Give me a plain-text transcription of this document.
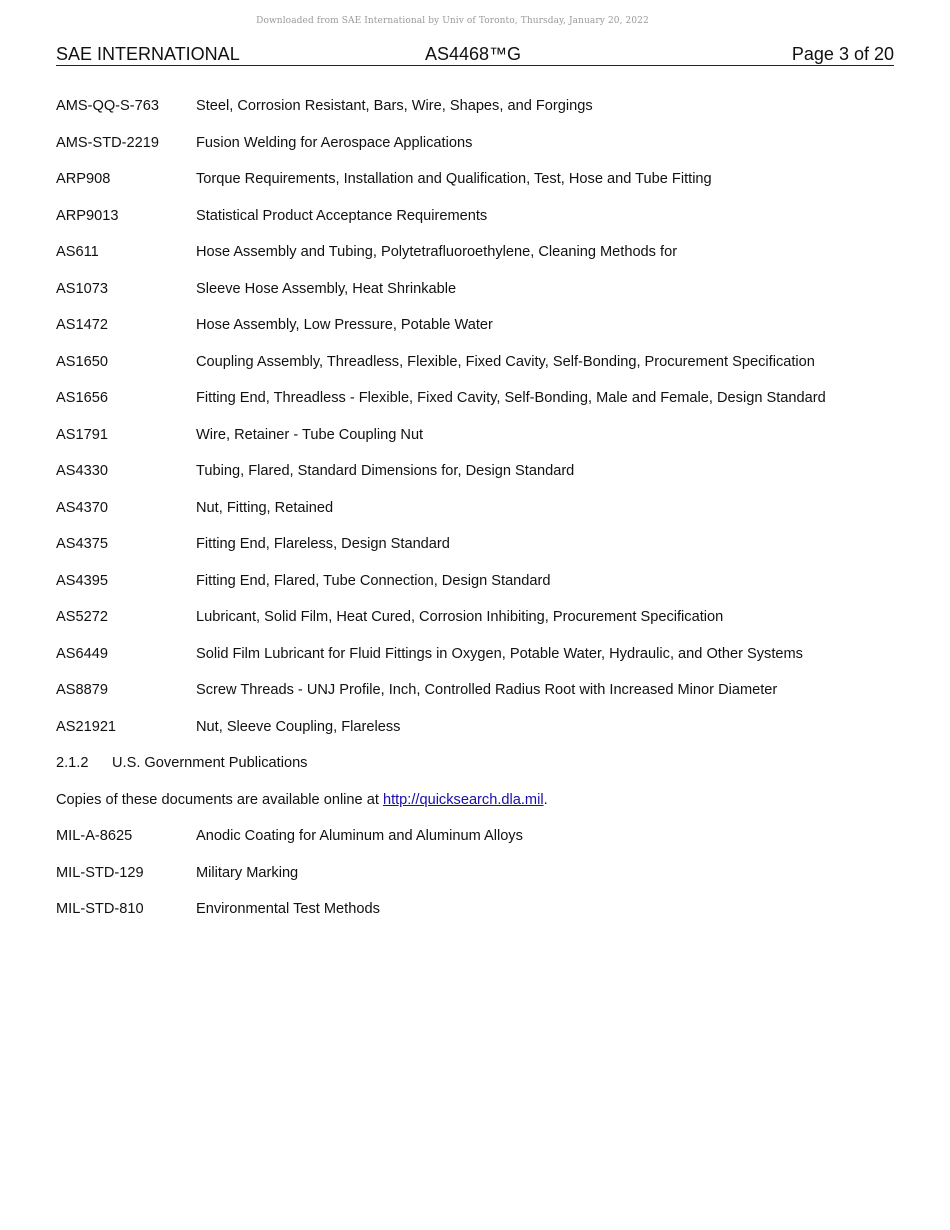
Downloaded from SAE International by Univ of Toronto, Thursday, January 20, 2022
SAE INTERNATIONAL	AS4468™G	Page 3 of 20
AMS-QQ-S-763	Steel, Corrosion Resistant, Bars, Wire, Shapes, and Forgings
AMS-STD-2219	Fusion Welding for Aerospace Applications
ARP908	Torque Requirements, Installation and Qualification, Test, Hose and Tube Fitting
ARP9013	Statistical Product Acceptance Requirements
AS611	Hose Assembly and Tubing, Polytetrafluoroethylene, Cleaning Methods for
AS1073	Sleeve Hose Assembly, Heat Shrinkable
AS1472	Hose Assembly, Low Pressure, Potable Water
AS1650	Coupling Assembly, Threadless, Flexible, Fixed Cavity, Self-Bonding, Procurement Specification
AS1656	Fitting End, Threadless - Flexible, Fixed Cavity, Self-Bonding, Male and Female, Design Standard
AS1791	Wire, Retainer - Tube Coupling Nut
AS4330	Tubing, Flared, Standard Dimensions for, Design Standard
AS4370	Nut, Fitting, Retained
AS4375	Fitting End, Flareless, Design Standard
AS4395	Fitting End, Flared, Tube Connection, Design Standard
AS5272	Lubricant, Solid Film, Heat Cured, Corrosion Inhibiting, Procurement Specification
AS6449	Solid Film Lubricant for Fluid Fittings in Oxygen, Potable Water, Hydraulic, and Other Systems
AS8879	Screw Threads - UNJ Profile, Inch, Controlled Radius Root with Increased Minor Diameter
AS21921	Nut, Sleeve Coupling, Flareless
2.1.2 U.S. Government Publications
Copies of these documents are available online at http://quicksearch.dla.mil.
MIL-A-8625	Anodic Coating for Aluminum and Aluminum Alloys
MIL-STD-129	Military Marking
MIL-STD-810	Environmental Test Methods
